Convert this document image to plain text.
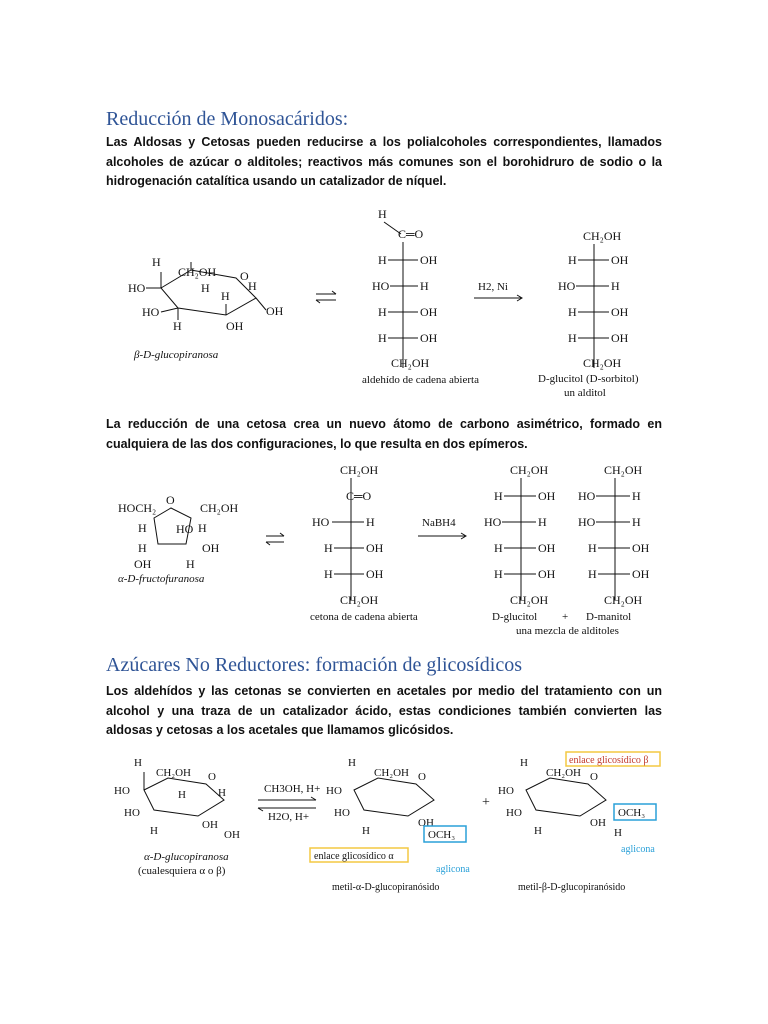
Reducción de Monosacáridos:

Las Aldosas y Cetosas pueden reducirse a los polialcoholes correspondientes, llamados alcoholes de azúcar o alditoles; reactivos más comunes son el borohidruro de sodio o la hidrogenación catalítica usando un catalizador de níquel.

H
CH₂OH O
HO
HO
H
H
OH
H
OH
H
β-D-glucopiranosa
H
C═O
H	OH
HO	H
H	OH
H	OH
CH₂OH
aldehído de cadena abierta
H2, Ni
CH₂OH
H	OH
HO	H
H	OH
H	OH
CH₂OH
D-glucitol (D-sorbitol)
un alditol

La reducción de una cetosa crea un nuevo átomo de carbono asimétrico, formado en cualquiera de las dos configuraciones, lo que resulta en dos epímeros.

HOCH₂
O
CH₂OH
H HO H
H	OH
OH	H
α-D-fructofuranosa
CH₂OH
C═O
HO	H
H	OH
H	OH
CH₂OH
cetona de cadena abierta
NaBH4
CH₂OH
H	OH
HO	H
H	OH
H	OH
CH₂OH
CH₂OH
HO	H
HO	H
H	OH
H	OH
CH₂OH
D-glucitol + D-manitol
una mezcla de alditoles
Azúcares No Reductores: formación de glicosídicos

Los aldehídos y las cetonas se convierten en acetales por medio del tratamiento con un alcohol y una traza de un catalizador ácido, estas condiciones también convierten las aldosas y cetosas a los acetales que llamamos glicósidos.

H
CH₂OH O
HO
HO
H	OH
OH
H	H
α-D-glucopiranosa
(cualesquiera α o β)
CH3OH, H+
H2O, H+
H
CH₂OH O
HO
HO
H
OH
OCH₃
enlace glicosídico α
aglicona
metil-α-D-glucopiranósido
+
enlace glicosídico β
H
CH₂OH O
HO
HO
H
OH
OCH₃
H
aglicona
metil-β-D-glucopiranósido
